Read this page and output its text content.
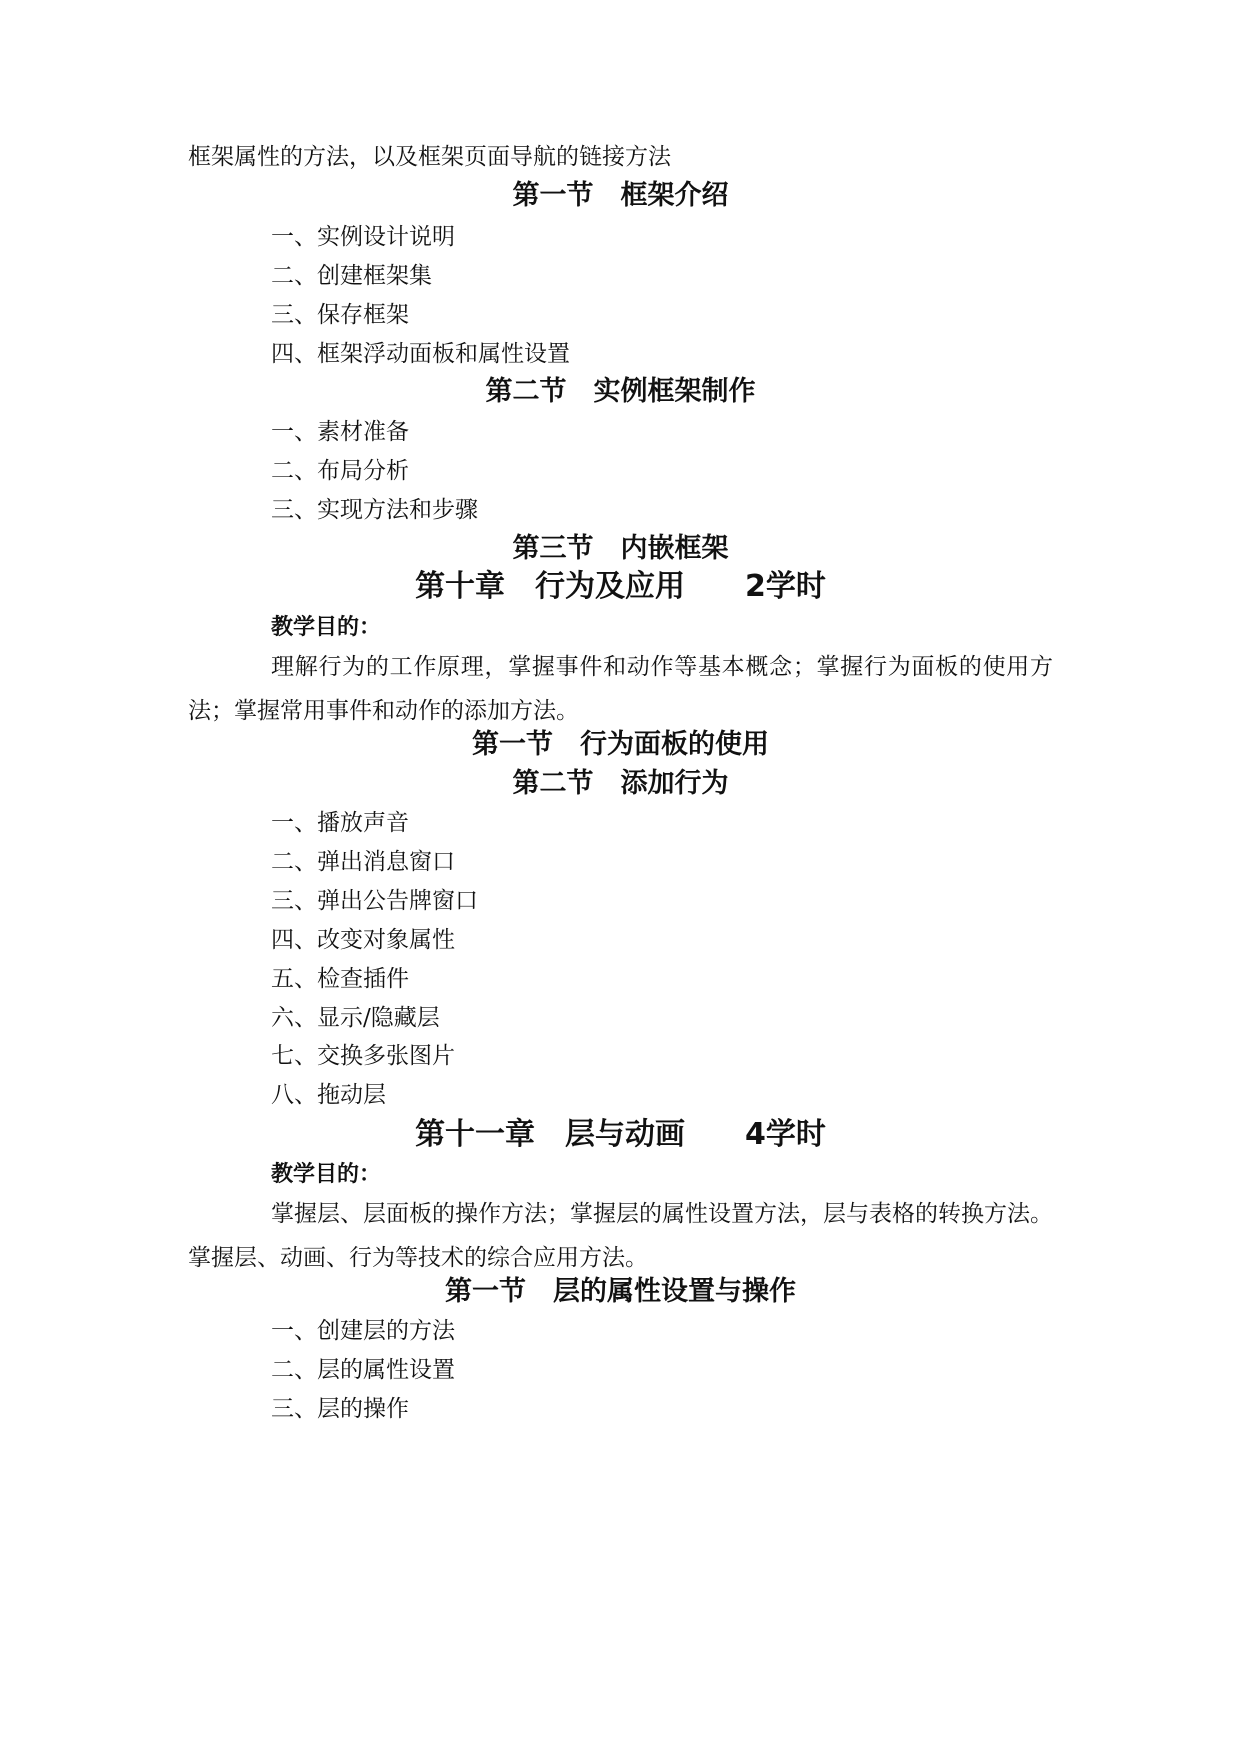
框架属性的方法，以及框架页面导航的链接方法
第一节　框架介绍
一、实例设计说明
二、创建框架集
三、保存框架
四、框架浮动面板和属性设置
第二节　实例框架制作
一、素材准备
二、布局分析
三、实现方法和步骤
第三节　内嵌框架
第十章　行为及应用　　2学时
教学目的：
理解行为的工作原理，掌握事件和动作等基本概念；掌握行为面板的使用方法；掌握常用事件和动作的添加方法。
第一节　行为面板的使用
第二节　添加行为
一、播放声音
二、弹出消息窗口
三、弹出公告牌窗口
四、改变对象属性
五、检查插件
六、显示/隐藏层
七、交换多张图片
八、拖动层
第十一章　层与动画　　4学时
教学目的：
掌握层、层面板的操作方法；掌握层的属性设置方法，层与表格的转换方法。掌握层、动画、行为等技术的综合应用方法。
第一节　层的属性设置与操作
一、创建层的方法
二、层的属性设置
三、层的操作
